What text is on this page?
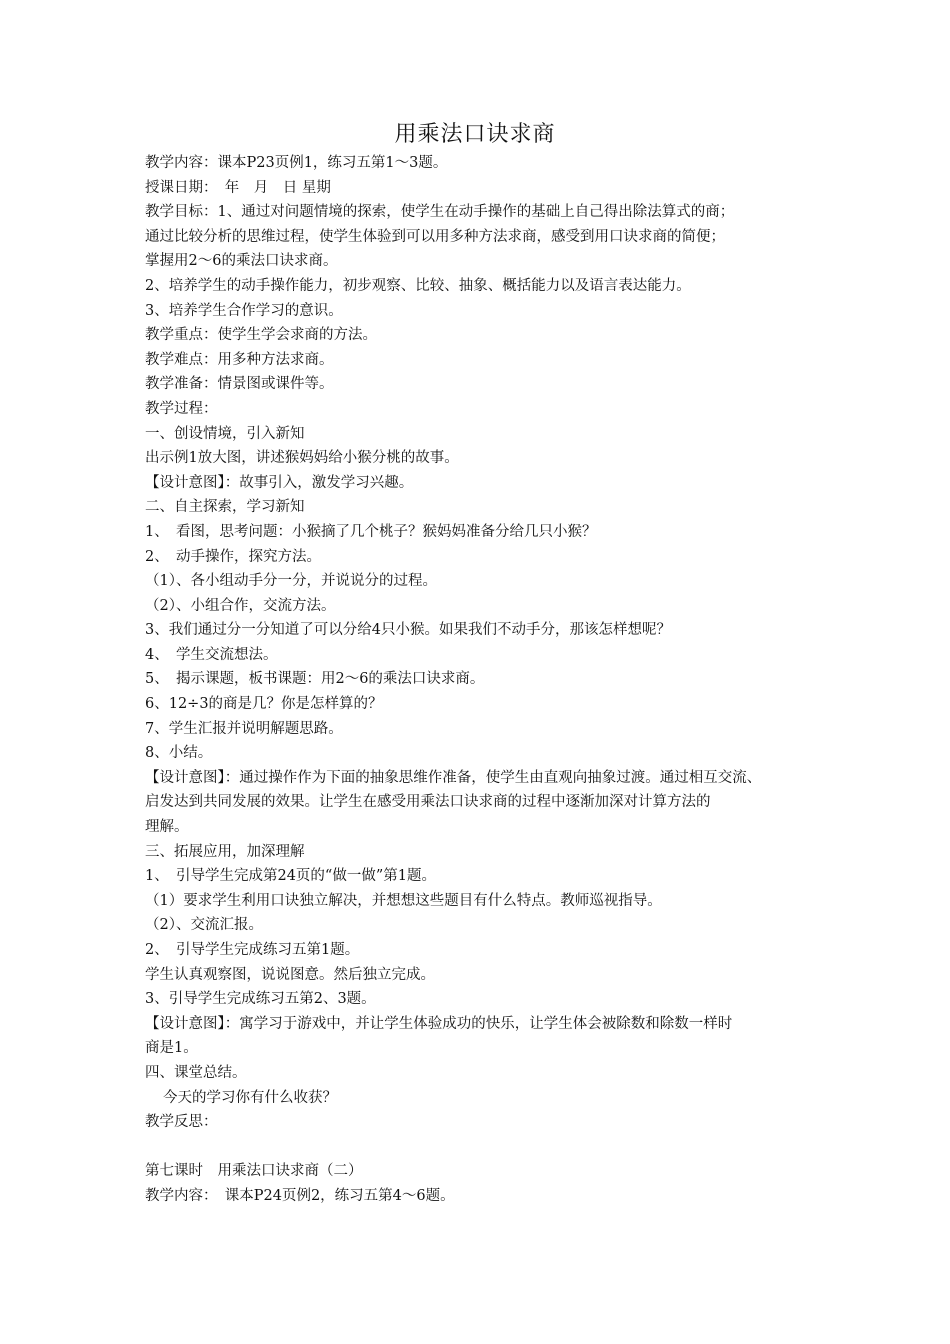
用乘法口诀求商
教学内容：课本P23页例1，练习五第1～3题。
授课日期：　年　月　日 星期
教学目标：1、通过对问题情境的探索，使学生在动手操作的基础上自己得出除法算式的商；
通过比较分析的思维过程，使学生体验到可以用多种方法求商，感受到用口诀求商的简便；
掌握用2～6的乘法口诀求商。
2、培养学生的动手操作能力，初步观察、比较、抽象、概括能力以及语言表达能力。
3、培养学生合作学习的意识。
教学重点：使学生学会求商的方法。
教学难点：用多种方法求商。
教学准备：情景图或课件等。
教学过程：
一、创设情境，引入新知
出示例1放大图，讲述猴妈妈给小猴分桃的故事。
【设计意图】：故事引入，激发学习兴趣。
二、自主探索，学习新知
1、　看图，思考问题：小猴摘了几个桃子？猴妈妈准备分给几只小猴？
2、　动手操作，探究方法。
（1）、各小组动手分一分，并说说分的过程。
（2）、小组合作，交流方法。
3、我们通过分一分知道了可以分给4只小猴。如果我们不动手分，那该怎样想呢？
4、　学生交流想法。
5、　揭示课题，板书课题：用2～6的乘法口诀求商。
6、12÷3的商是几？你是怎样算的？
7、学生汇报并说明解题思路。
8、小结。
【设计意图】：通过操作作为下面的抽象思维作准备，使学生由直观向抽象过渡。通过相互交流、
启发达到共同发展的效果。让学生在感受用乘法口诀求商的过程中逐渐加深对计算方法的
理解。
三、拓展应用，加深理解
1、　引导学生完成第24页的“做一做”第1题。
（1）要求学生利用口诀独立解决，并想想这些题目有什么特点。教师巡视指导。
（2）、交流汇报。
2、　引导学生完成练习五第1题。
学生认真观察图，说说图意。然后独立完成。
3、引导学生完成练习五第2、3题。
【设计意图】：寓学习于游戏中，并让学生体验成功的快乐，让学生体会被除数和除数一样时
商是1。
四、课堂总结。
今天的学习你有什么收获？
教学反思：
第七课时　用乘法口诀求商（二）
教学内容：　课本P24页例2，练习五第4～6题。
